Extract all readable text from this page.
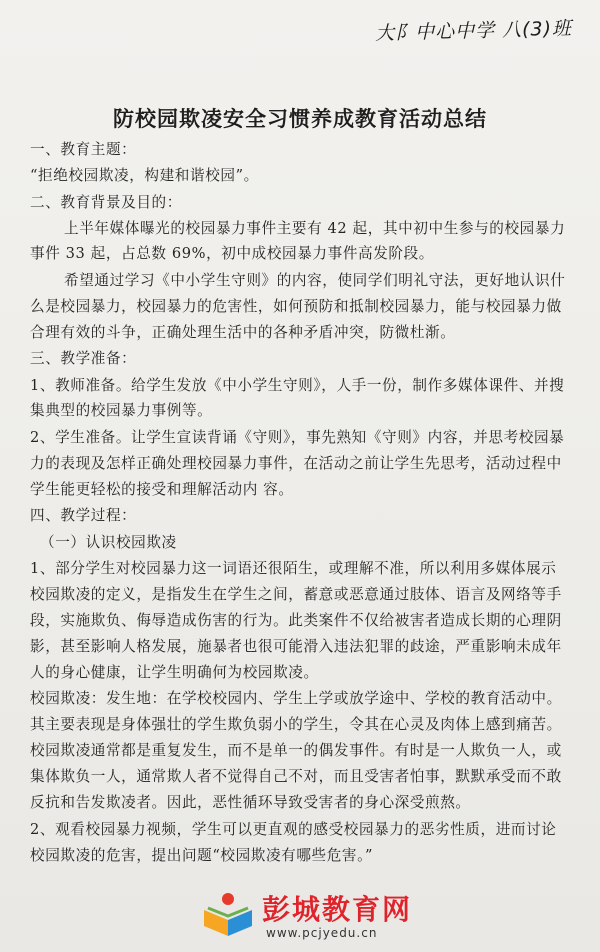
大阝中心中学 八(3)班
防校园欺凌安全习惯养成教育活动总结
一、教育主题：
“拒绝校园欺凌，构建和谐校园”。
二、教育背景及目的：
上半年媒体曝光的校园暴力事件主要有 42 起，其中初中生参与的校园暴力
事件 33 起，占总数 69%，初中成校园暴力事件高发阶段。
希望通过学习《中小学生守则》的内容，使同学们明礼守法，更好地认识什
么是校园暴力，校园暴力的危害性，如何预防和抵制校园暴力，能与校园暴力做
合理有效的斗争，正确处理生活中的各种矛盾冲突，防微杜渐。
三、教学准备：
1、教师准备。给学生发放《中小学生守则》，人手一份，制作多媒体课件、并搜
集典型的校园暴力事例等。
2、学生准备。让学生宣读背诵《守则》，事先熟知《守则》内容，并思考校园暴
力的表现及怎样正确处理校园暴力事件，在活动之前让学生先思考，活动过程中
学生能更轻松的接受和理解活动内 容。
四、教学过程：
（一）认识校园欺凌
1、部分学生对校园暴力这一词语还很陌生，或理解不准，所以利用多媒体展示
校园欺凌的定义，是指发生在学生之间，蓄意或恶意通过肢体、语言及网络等手
段，实施欺负、侮辱造成伤害的行为。此类案件不仅给被害者造成长期的心理阴
影，甚至影响人格发展，施暴者也很可能滑入违法犯罪的歧途，严重影响未成年
人的身心健康，让学生明确何为校园欺凌。
校园欺凌：发生地：在学校校园内、学生上学或放学途中、学校的教育活动中。
其主要表现是身体强壮的学生欺负弱小的学生，令其在心灵及肉体上感到痛苦。
校园欺凌通常都是重复发生，而不是单一的偶发事件。有时是一人欺负一人，或
集体欺负一人，通常欺人者不觉得自己不对，而且受害者怕事，默默承受而不敢
反抗和告发欺凌者。因此，恶性循环导致受害者的身心深受煎熬。
2、观看校园暴力视频，学生可以更直观的感受校园暴力的恶劣性质，进而讨论
校园欺凌的危害，提出问题“校园欺凌有哪些危害。”
彭城教育网
www.pcjyedu.cn
